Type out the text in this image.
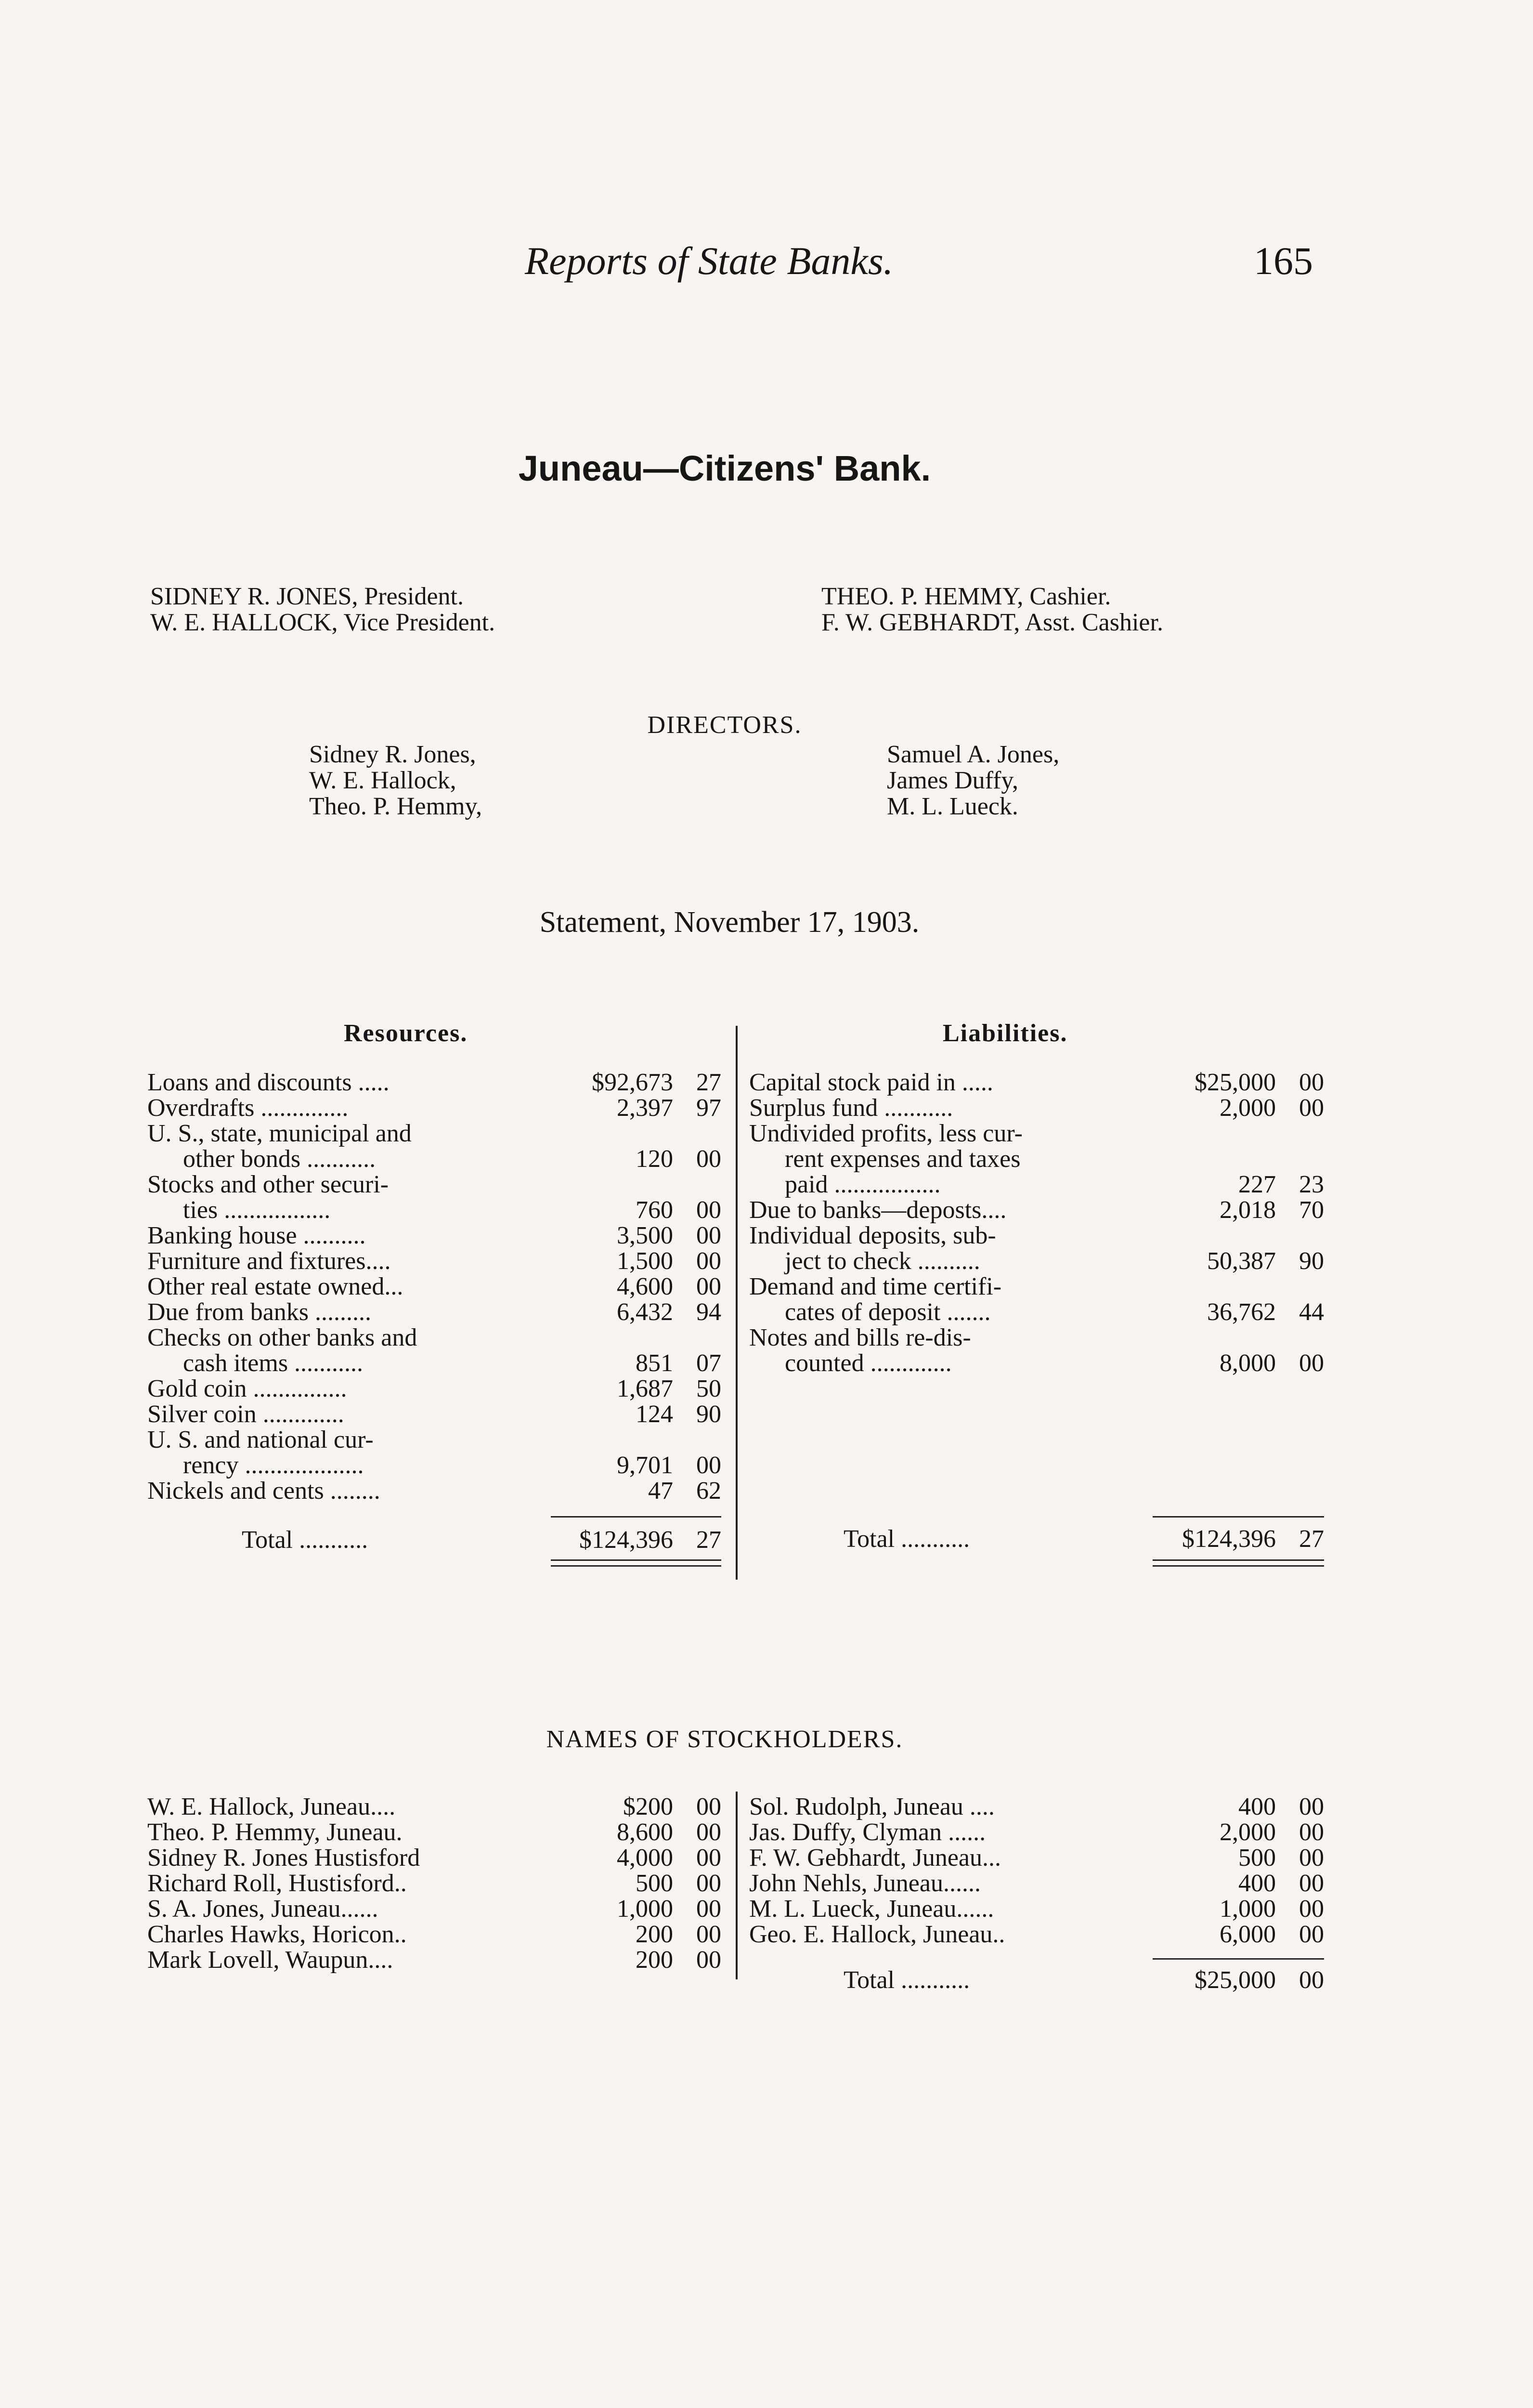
Reports of State Banks.	165
Juneau—Citizens' Bank.
SIDNEY R. JONES, President.
W. E. HALLOCK, Vice President.
THEO. P. HEMMY, Cashier.
F. W. GEBHARDT, Asst. Cashier.
DIRECTORS.
Sidney R. Jones,
W. E. Hallock,
Theo. P. Hemmy,
Samuel A. Jones,
James Duffy,
M. L. Lueck.
Statement, November 17, 1903.
Resources.	Liabilities.
Loans and discounts .....	$92,673 27
Overdrafts ..............	2,397 97
U. S., state, municipal and
other bonds ...........	120 00
Stocks and other securi-
ties .................	760 00
Banking house ..........	3,500 00
Furniture and fixtures....	1,500 00
Other real estate owned...	4,600 00
Due from banks .........	6,432 94
Checks on other banks and
cash items ...........	851 07
Gold coin ...............	1,687 50
Silver coin .............	124 90
U. S. and national cur-
rency ...................	9,701 00
Nickels and cents ........	47 62
Capital stock paid in .....	$25,000 00
Surplus fund ...........	2,000 00
Undivided profits, less cur-
rent expenses and taxes
paid .................	227 23
Due to banks—deposts....	2,018 70
Individual deposits, sub-
ject to check ..........	50,387 90
Demand and time certifi-
cates of deposit .......	36,762 44
Notes and bills re-dis-
counted .............	8,000 00
Total ...........	$124,396 27	Total ...........	$124,396 27
NAMES OF STOCKHOLDERS.
W. E. Hallock, Juneau....	$200 00
Theo. P. Hemmy, Juneau.	8,600 00
Sidney R. Jones Hustisford	4,000 00
Richard Roll, Hustisford..	500 00
S. A. Jones, Juneau......	1,000 00
Charles Hawks, Horicon..	200 00
Mark Lovell, Waupun....	200 00
Sol. Rudolph, Juneau ....	400 00
Jas. Duffy, Clyman ......	2,000 00
F. W. Gebhardt, Juneau...	500 00
John Nehls, Juneau......	400 00
M. L. Lueck, Juneau......	1,000 00
Geo. E. Hallock, Juneau..	6,000 00
Total ...........	$25,000 00
